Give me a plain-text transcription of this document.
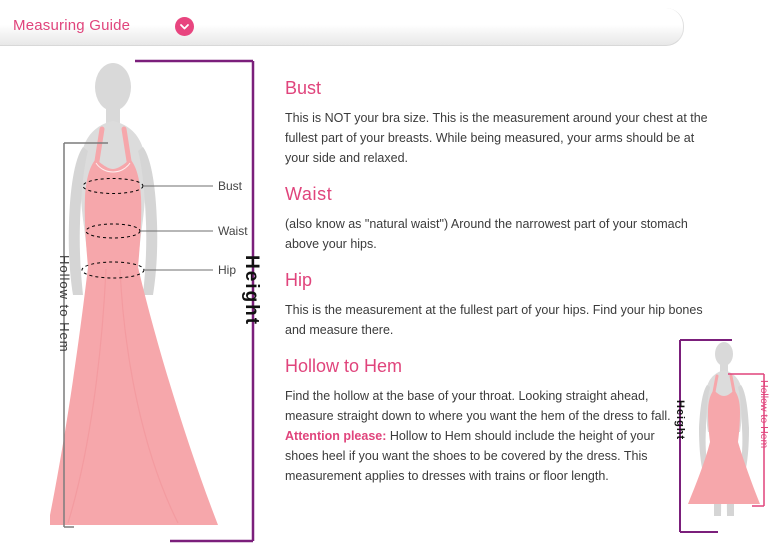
Measuring Guide
Bust
Waist
Hip Height
Hollow to Hem
Bust

This is NOT your bra size. This is the measurement around your chest at the fullest part of your breasts. While being measured, your arms should be at your side and relaxed.

Waist

(also know as "natural waist") Around the narrowest part of your stomach above your hips.

Hip

This is the measurement at the fullest part of your hips. Find your hip bones and measure there.

Hollow to Hem

Find the hollow at the base of your throat. Looking straight ahead, measure straight down to where you want the hem of the dress to fall. Attention please: Hollow to Hem should include the height of your shoes heel if you want the shoes to be covered by the dress. This measurement applies to dresses with trains or floor length.

Height	Hollow to Hem
